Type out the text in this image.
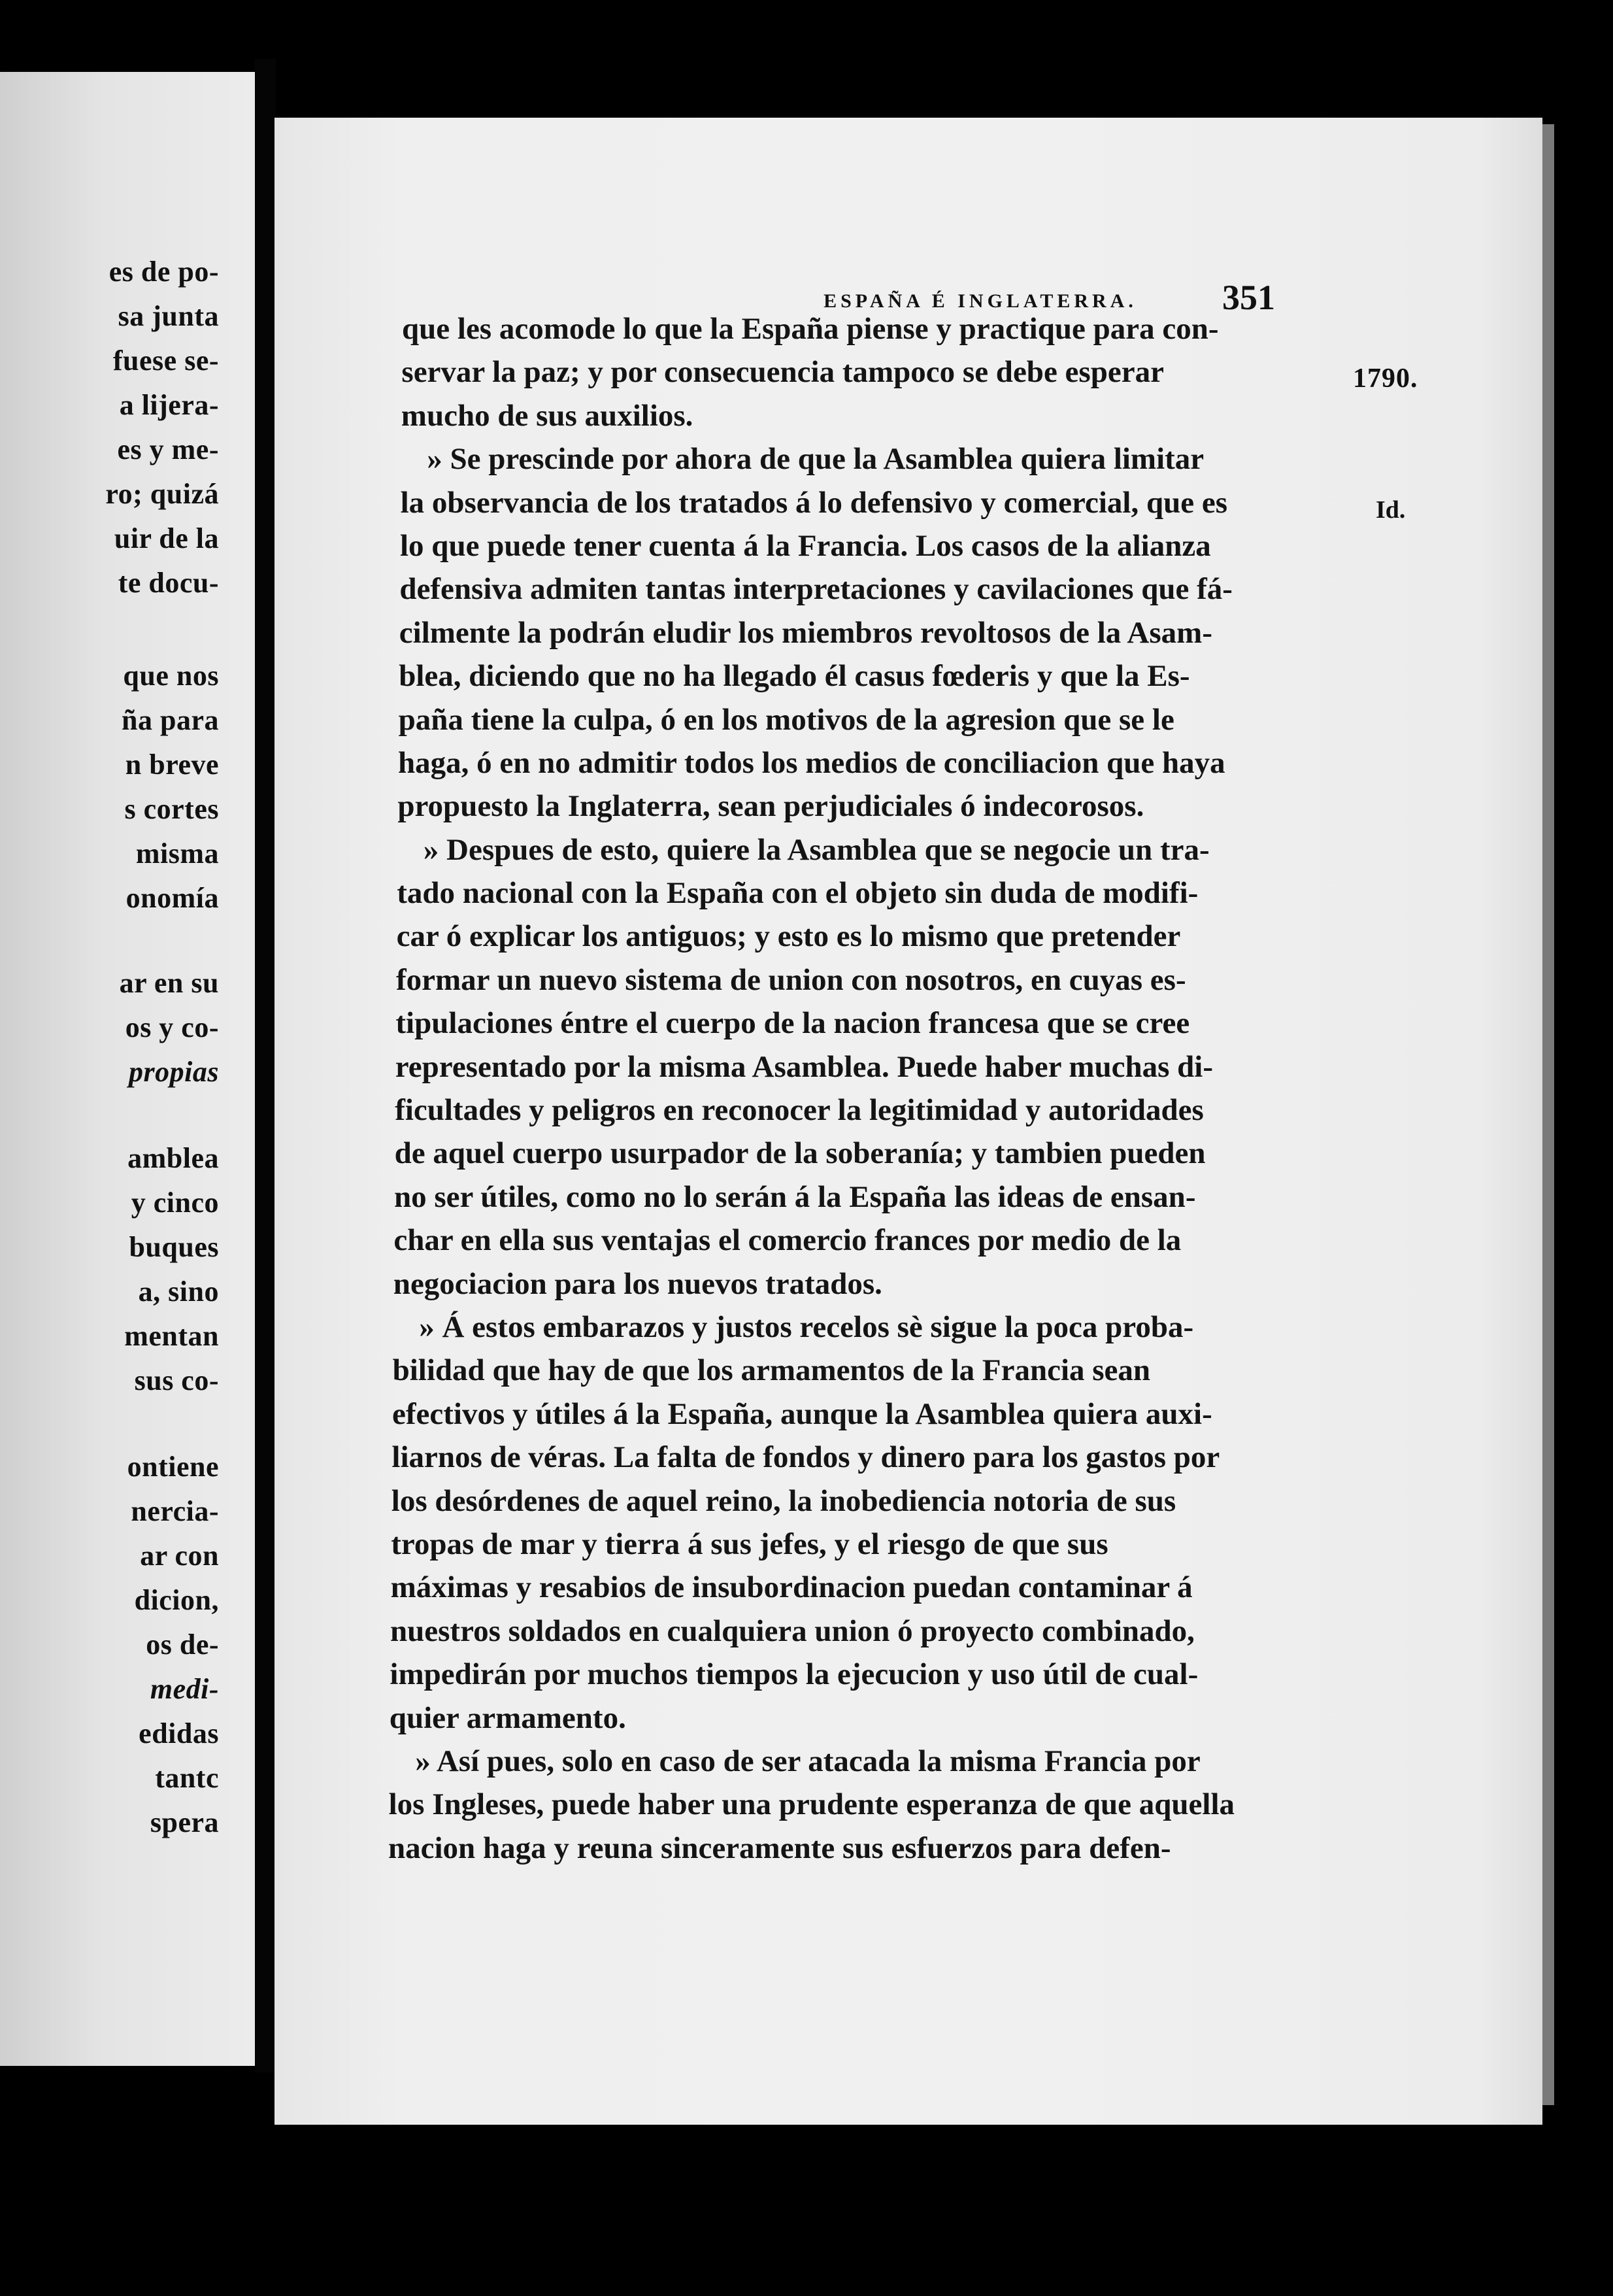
es de po-

sa junta

fuese se-

a lijera-

es y me-

ro; quizá

uir de la

te docu-

que nos

ña para

n breve

s cortes

misma

onomía

ar en su

os y co-

propias

amblea

y cinco

buques

a, sino

mentan

sus co-

ontiene

nercia-

ar con

dicion,

os de-

medi-

edidas

tantc

spera

ESPAÑA É INGLATERRA. 351

1790.

Id.

que les acomode lo que la España piense y practique para con-
servar la paz; y por consecuencia tampoco se debe esperar
mucho de sus auxilios.
» Se prescinde por ahora de que la Asamblea quiera limitar
la observancia de los tratados á lo defensivo y comercial, que es
lo que puede tener cuenta á la Francia. Los casos de la alianza
defensiva admiten tantas interpretaciones y cavilaciones que fá-
cilmente la podrán eludir los miembros revoltosos de la Asam-
blea, diciendo que no ha llegado él casus fœderis y que la Es-
paña tiene la culpa, ó en los motivos de la agresion que se le
haga, ó en no admitir todos los medios de conciliacion que haya
propuesto la Inglaterra, sean perjudiciales ó indecorosos.
» Despues de esto, quiere la Asamblea que se negocie un tra-
tado nacional con la España con el objeto sin duda de modifi-
car ó explicar los antiguos; y esto es lo mismo que pretender
formar un nuevo sistema de union con nosotros, en cuyas es-
tipulaciones éntre el cuerpo de la nacion francesa que se cree
representado por la misma Asamblea. Puede haber muchas di-
ficultades y peligros en reconocer la legitimidad y autoridades
de aquel cuerpo usurpador de la soberanía; y tambien pueden
no ser útiles, como no lo serán á la España las ideas de ensan-
char en ella sus ventajas el comercio frances por medio de la
negociacion para los nuevos tratados.
» Á estos embarazos y justos recelos sè sigue la poca proba-
bilidad que hay de que los armamentos de la Francia sean
efectivos y útiles á la España, aunque la Asamblea quiera auxi-
liarnos de véras. La falta de fondos y dinero para los gastos por
los desórdenes de aquel reino, la inobediencia notoria de sus
tropas de mar y tierra á sus jefes, y el riesgo de que sus
máximas y resabios de insubordinacion puedan contaminar á
nuestros soldados en cualquiera union ó proyecto combinado,
impedirán por muchos tiempos la ejecucion y uso útil de cual-
quier armamento.
» Así pues, solo en caso de ser atacada la misma Francia por
los Ingleses, puede haber una prudente esperanza de que aquella
nacion haga y reuna sinceramente sus esfuerzos para defen-
